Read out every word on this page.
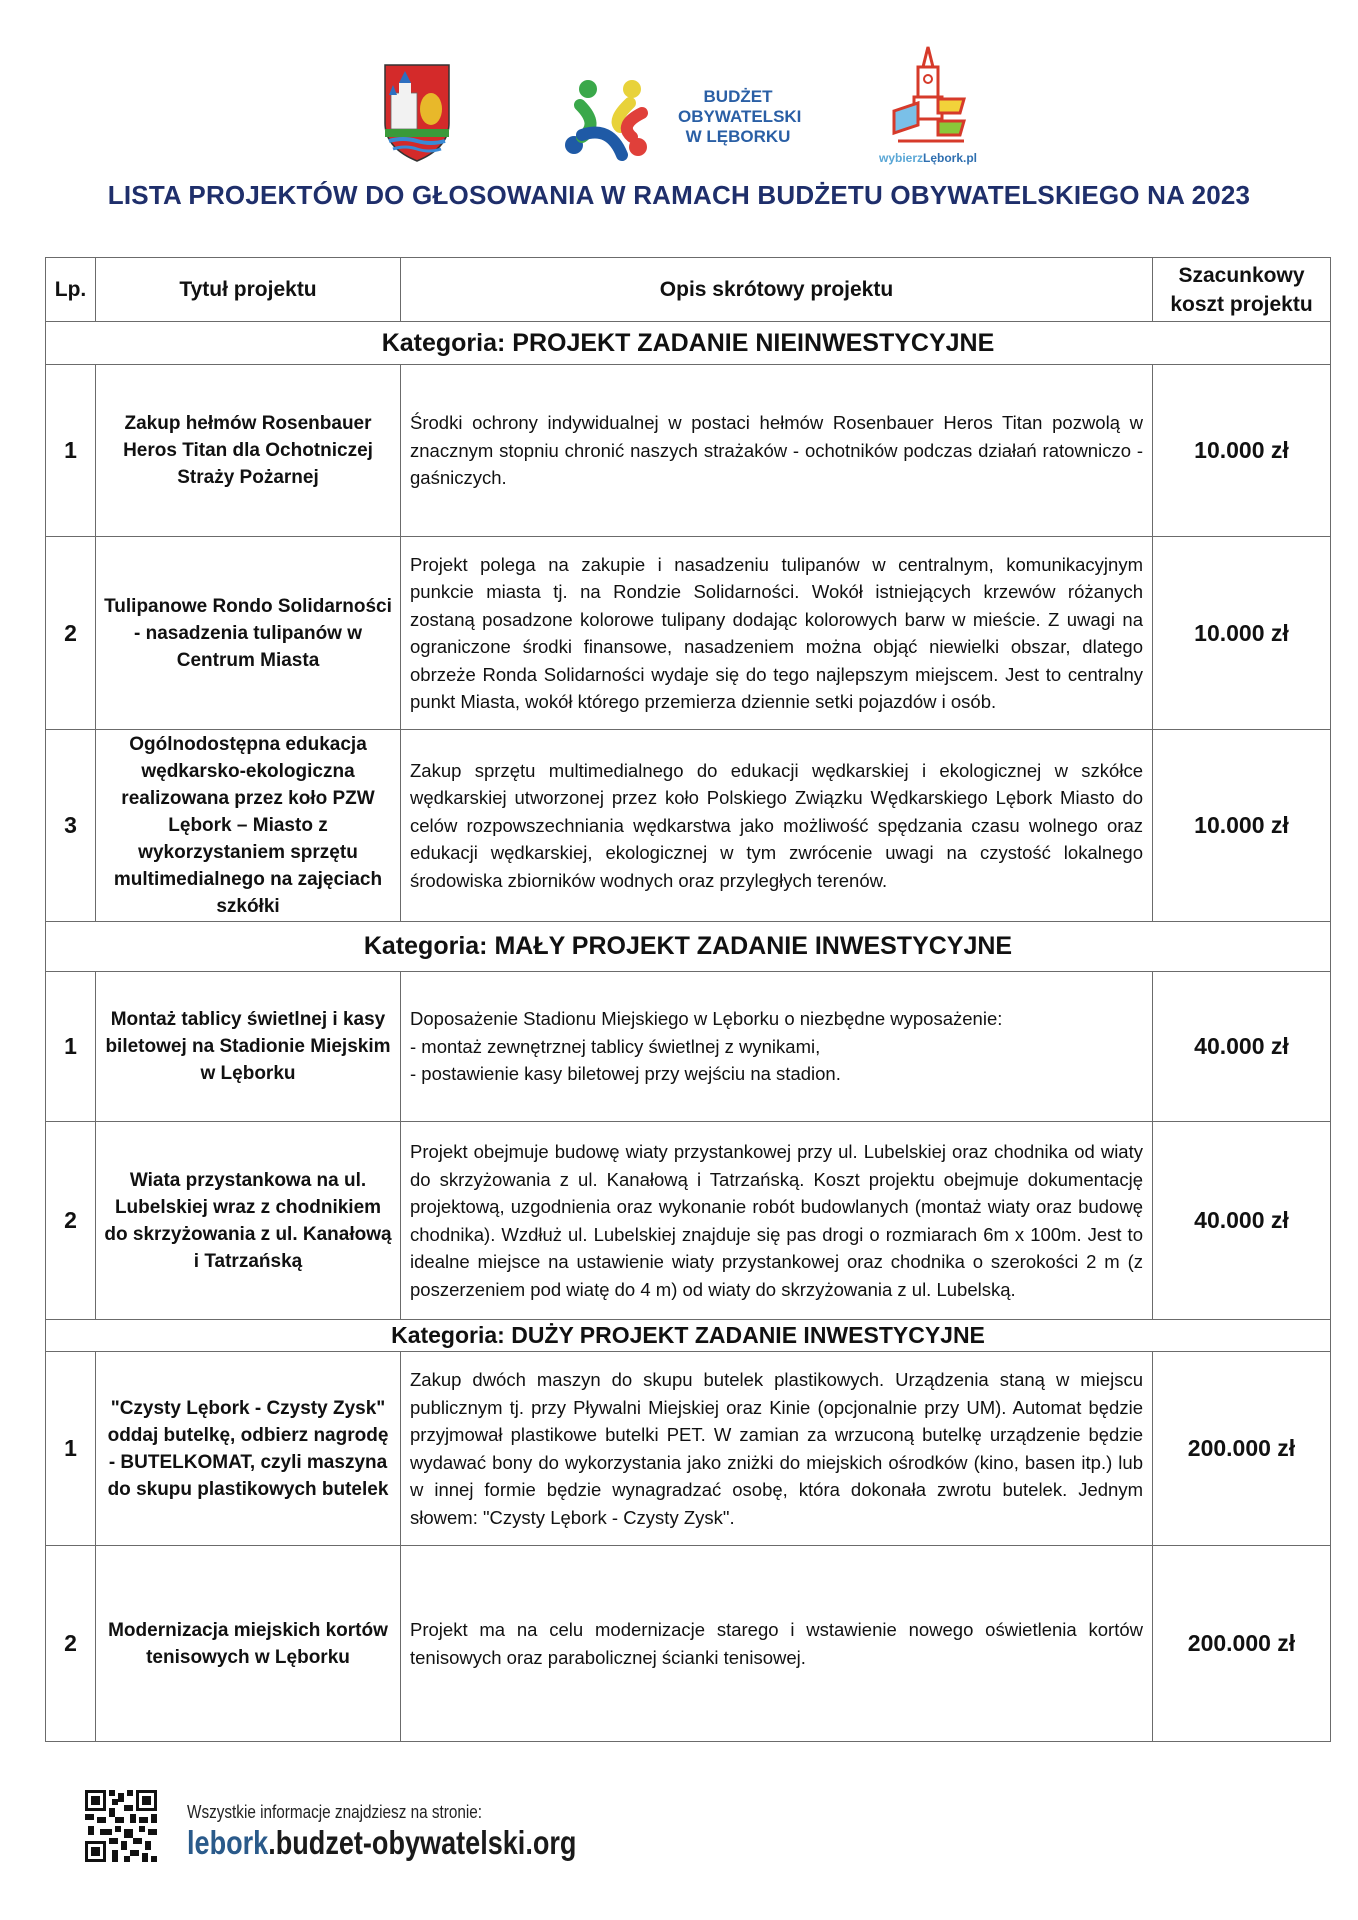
BUDŻET
OBYWATELSKI
W LĘBORKU
wybierzLębork.pl
LISTA PROJEKTÓW DO GŁOSOWANIA W RAMACH BUDŻETU OBYWATELSKIEGO NA 2023
Lp.	Tytuł projektu	Opis skrótowy projektu	Szacunkowy koszt projektu
Kategoria: PROJEKT ZADANIE NIEINWESTYCYJNE			
1	Zakup hełmów Rosenbauer Heros Titan dla Ochotniczej Straży Pożarnej	Środki ochrony indywidualnej w postaci hełmów Rosenbauer Heros Titan pozwolą w znacznym stopniu chronić naszych strażaków - ochotników podczas działań ratowniczo - gaśniczych.	10.000 zł
2	Tulipanowe Rondo Solidarności - nasadzenia tulipanów w Centrum Miasta	Projekt polega na zakupie i nasadzeniu tulipanów w centralnym, komunikacyjnym punkcie miasta tj. na Rondzie Solidarności. Wokół istniejących krzewów różanych zostaną posadzone kolorowe tulipany dodając kolorowych barw w mieście. Z uwagi na ograniczone środki finansowe, nasadzeniem można objąć niewielki obszar, dlatego obrzeże Ronda Solidarności wydaje się do tego najlepszym miejscem. Jest to centralny punkt Miasta, wokół którego przemierza dziennie setki pojazdów i osób.	10.000 zł
3	Ogólnodostępna edukacja wędkarsko-ekologiczna realizowana przez koło PZW Lębork – Miasto z wykorzystaniem sprzętu multimedialnego na zajęciach szkółki	Zakup sprzętu multimedialnego do edukacji wędkarskiej i ekologicznej w szkółce wędkarskiej utworzonej przez koło Polskiego Związku Wędkarskiego Lębork Miasto do celów rozpowszechniania wędkarstwa jako możliwość spędzania czasu wolnego oraz edukacji wędkarskiej, ekologicznej w tym zwrócenie uwagi na czystość lokalnego środowiska zbiorników wodnych oraz przyległych terenów.	10.000 zł
Kategoria: MAŁY PROJEKT ZADANIE INWESTYCYJNE			
1	Montaż tablicy świetlnej i kasy biletowej na Stadionie Miejskim w Lęborku	Doposażenie Stadionu Miejskiego w Lęborku o niezbędne wyposażenie:
- montaż zewnętrznej tablicy świetlnej z wynikami,
- postawienie kasy biletowej przy wejściu na stadion.	40.000 zł
2	Wiata przystankowa na ul. Lubelskiej wraz z chodnikiem do skrzyżowania z ul. Kanałową i Tatrzańską	Projekt obejmuje budowę wiaty przystankowej przy ul. Lubelskiej oraz chodnika od wiaty do skrzyżowania z ul. Kanałową i Tatrzańską. Koszt projektu obejmuje dokumentację projektową, uzgodnienia oraz wykonanie robót budowlanych (montaż wiaty oraz budowę chodnika). Wzdłuż ul. Lubelskiej znajduje się pas drogi o rozmiarach 6m x 100m. Jest to idealne miejsce na ustawienie wiaty przystankowej oraz chodnika o szerokości 2 m (z poszerzeniem pod wiatę do 4 m) od wiaty do skrzyżowania z ul. Lubelską.	40.000 zł
Kategoria: DUŻY PROJEKT ZADANIE INWESTYCYJNE			
1	"Czysty Lębork - Czysty Zysk" oddaj butelkę, odbierz nagrodę - BUTELKOMAT, czyli maszyna do skupu plastikowych butelek	Zakup dwóch maszyn do skupu butelek plastikowych. Urządzenia staną w miejscu publicznym tj. przy Pływalni Miejskiej oraz Kinie (opcjonalnie przy UM). Automat będzie przyjmował plastikowe butelki PET. W zamian za wrzuconą butelkę urządzenie będzie wydawać bony do wykorzystania jako zniżki do miejskich ośrodków (kino, basen itp.) lub w innej formie będzie wynagradzać osobę, która dokonała zwrotu butelek. Jednym słowem: "Czysty Lębork - Czysty Zysk".	200.000 zł
2	Modernizacja miejskich kortów tenisowych w Lęborku	Projekt ma na celu modernizacje starego i wstawienie nowego oświetlenia kortów tenisowych oraz parabolicznej ścianki tenisowej.	200.000 zł
Wszystkie informacje znajdziesz na stronie:
lebork.budzet-obywatelski.org
